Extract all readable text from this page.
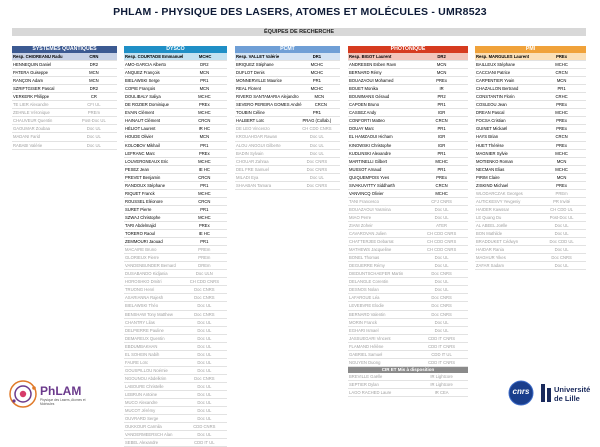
PHLAM - PHYSIQUE DES LASERS, ATOMES ET MOLÉCULES - UMR8523
ÉQUIPES DE RECHERCHE
SYSTEMES QUANTIQUES
Resp. CHIOREANU Radu	CRN
HENNEQUIN Daniel	DR2
PATERA Guiseppe	MCN
RANÇON Adam	MCN
SZRIFTGISER Pascal	DR2
VERKERK Philippe	CR
TE LIER Alexandre	CFI UL
ZEHNLE Véronique	PREm
CHAUVEUR Quentin	Post-Doc UL
GAOUMAR Zoubaa	Doc UL
MADANI Farid	Doc UL
RABABI Valérie	Doc UL
DYSCO
Resp. COURTADE Emmanuel	MCHC
AMO-GARCIA Alberto	DR2
ANQUEZ François	MCN
BIELAWSKI Serge	PR1
COPIE François	MCN
DOULIBALY Saliya	MCHC
DE ROZIER Dominique	PREx
EVAIN Clément	MCHC
HAINAUT Clément	CRCN
HÉLIOT Laurent	IR HC
HOUDE Olivier	MCN
KOLOBOV Mikhail	PR1
LEFRANC Marc	PREx
LOUVERGNEAUX Eric	MCHC
PESEZ Jean	IE HC
PREVET Benjamin	CRCN
RANDOUX Stéphane	PR1
RIQUET Franck	MCHC
ROUSSEL Eléonore	CRCN
SURET Pierre	PR1
SZWAJ Christophe	MCHC
TARI Abdelmajid	PREx
TORERO Raoul	IE HC
ZEMMOURI Jaouad	PR1
MACAIRE Bruno	PREm
GLORIEUX Pierre	PREm
VANDENBUNDER Bernard	DREm
DUSABANDO Kidjania	Doc ULN
HOROSHKO Dmitri	CH CDD CNRS
TRUONG Henri	Doc CNRS
ASARIANNA Rajesh	Doc CNRS
BIELAWSKI Théo	Doc UL
BENSHAW Tony Matthew	Doc CNRS
CHANTRY Lilas	Doc UL
DELPIERRE Pauline	Doc UL
DEMAREUX Quentin	Doc UL
EBDUMBAKHAN	Doc UL
EL SOHEIN Nabih	Doc UL
FAURE Loïc	Doc UL
GOUSPILLOU Noémie	Doc UL
NGOUNOU Abdelkrim	Doc CNRS
LABOURE Christelle	Doc UL
LEBRUN Antoine	Doc UL
MUCO Alexandre	Doc UL
MUCOT Jérémy	Doc UL
OUVRARD Serge	Doc UL
OUKKOUR Carmila	CDD CNRS
VANDERMEERSCH Alan	Doc UL
SEBEL Alexandre	CDD IT UL
PCMT
Resp. VALLET Valérie	DR1
BRIQUEZ Stéphane	MCHC
DUFLOT Denis	MCHC
MONNERVILLE Maurice	PR1
REAL Florent	MCHC
RIVERO SANTAMARIA Alejandro	MCN
SEVERO PEREIRA GOMES André	CRCN
TOUBIN Céline	PR1
HALBERT Loïc	PRAG (Collab.)
DE LEO Vincenzo	CH CDD CNRS
KROUAHOAR Rawan	Doc UL
ALOU ANGGUI Gilberte	Doc UL
BADIN Sylvain	Doc UL
CHOUAR Zahraa	Doc CNRS
DEL FRE Samuel	Doc CNRS
MILADI Eya	Doc UL
SHAABAN Tamara	Doc CNRS
PHOTONIQUE
Resp. BIGOT Laurent	DR2
ANDRESEN Esben Ravn	MCN
BERNARD Rémy	MCN
BOUAZAOUI Mohamed	PREx
BOUET Monika	IR
BOUWMANS Géraud	PR2
CAPOEN Bruno	PR1
CASSEZ Andy	IGR
CONFORTI Matteo	CRCN
DOUAY Marc	PR1
EL HAMZAOUI Hicham	IGR
KINOWSKI Christophe	IGR
KUDLINSKI Alexandre	PR1
MARTINELLI Gilbert	MCHC
MUSSOT Arnaud	PR1
QUIQUEMPOIS Yves	PREx
SIVAKUVITTY Siddharth	CRCN
VANVINCQ Olivier	MCHC
TANI Francesco	CFJ CNRS
BOUAZAOUI Yasmina	Doc UL
MIAO Perre	Doc UL
ZIANI Zoheir	ATER
CAVAROVAN Julien	CH CDD CNRS
CHATTERJEE Debarrat	CH CDD CNRS
MATHEWS Jacqueline	CH CDD CNRS
BONEL Thomas	Doc UL
DEGUERRE Rémy	Doc UL
DIEDUNTSCHAEFER Martin	Doc CNRS
DELANGLE Corentin	Doc UL
DESNOS Nolan	Doc UL
LAFARGUE Léa	Doc CNRS
LEVEBVRE Elodie	Doc CNRS
BERNARD Valentin	Doc CNRS
MORIN Franck	Doc UL
EGHARI Ismael	Doc UL
JASSUEGARI Vincent	CDD IT CNRS
FLAMAND Hélène	CDD IT CNRS
GABRIEL Samuel	CDD IT UL
NGUYEN Duong	CDD IT CNRS
CIR ET Mis à disposition
BREVILLE Gaëlle	IR Lightcore
SEPTIER Dylan	IR Lightcore
LAGO RACHED Laure	IR CEA
PMI
Resp. MARGULES Laurent	PREx
BAILLEUX Stéphane	MCHC
CACCIANI Patrice	CRCN
CARPENTIER Yvain	MCN
CHAZALLON Bertrand	PR1
CONSTANTIN Florin	CRHC
COSLEOU Jean	PREx
DREAN Pascal	MCHC
FOCSA Cristian	PREx
GUINET Mickaël	PREx
HAYS Brian	CRCN
HUET Thérèse	PREx
MAGNIER Sylvie	MCHC
MOTIENKO Roman	MCN
NECMAN Elias	MCHC
PIRIM Claire	MCN
ZISKIND Michael	PREx
WLODARCZAK Georges	PREm
AUTICKESVY Yevgeniy	PR Invité
HAIDER Kawssar	CH CDD UL
LE Quang Du	Post-Doc UL
AL ABEEL Joëlle	Doc UL
BON Mathilde	Doc UL
BRADDUKET Cédwyn	Doc CDD UL
HAIDAR Rania	Doc UL
MAGHUR Yikes	Doc CNRS
ZAFAR Sadam	Doc UL
PhLAM
Physique des Lasers, Atomes et Molécules
cnrs	Université
de Lille
